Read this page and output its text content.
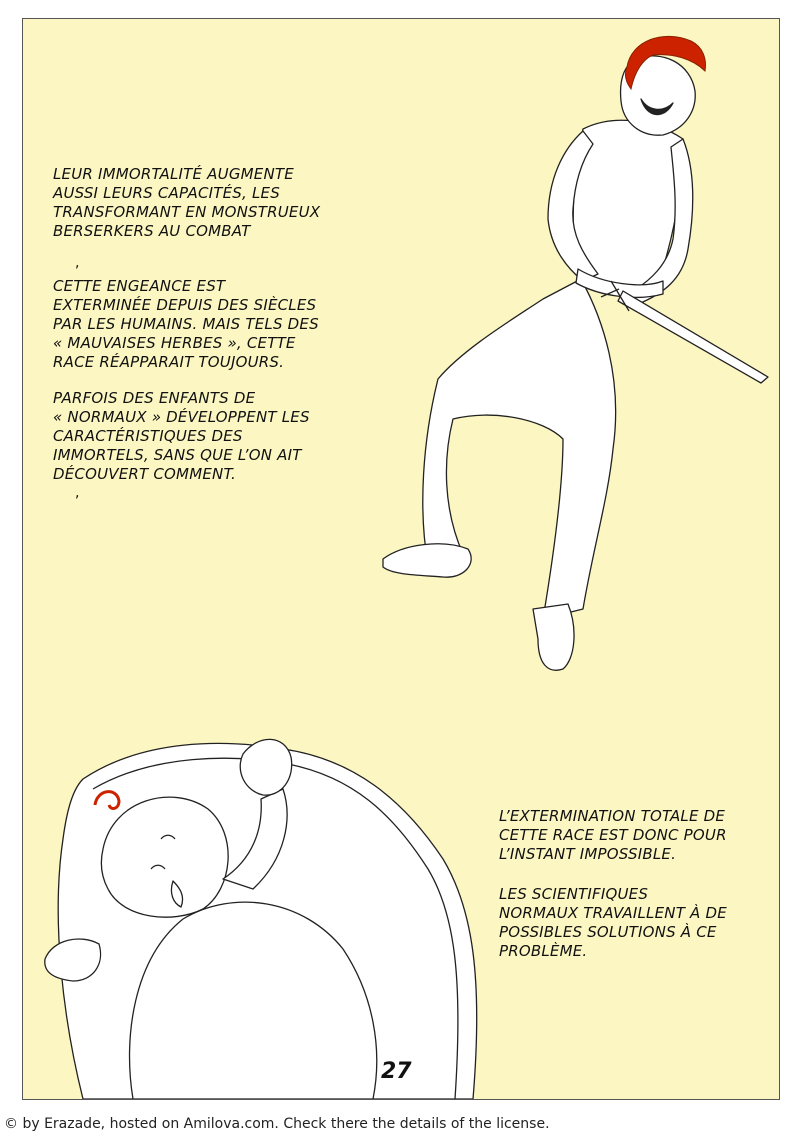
LEUR IMMORTALITÉ AUGMENTE
AUSSI LEURS CAPACITÉS, LES
TRANSFORMANT EN MONSTRUEUX
BERSERKERS AU COMBAT
,
CETTE ENGEANCE EST
EXTERMINÉE DEPUIS DES SIÈCLES
PAR LES HUMAINS. MAIS TELS DES
« MAUVAISES HERBES », CETTE
RACE RÉAPPARAIT TOUJOURS.
PARFOIS DES ENFANTS DE
« NORMAUX » DÉVELOPPENT LES
CARACTÉRISTIQUES DES
IMMORTELS, SANS QUE L’ON AIT
DÉCOUVERT COMMENT.
,
L’EXTERMINATION TOTALE DE
CETTE RACE EST DONC POUR
L’INSTANT IMPOSSIBLE.
LES SCIENTIFIQUES
NORMAUX TRAVAILLENT À DE
POSSIBLES SOLUTIONS À CE
PROBLÈME.
27
© by Erazade, hosted on Amilova.com. Check there the details of the license.
